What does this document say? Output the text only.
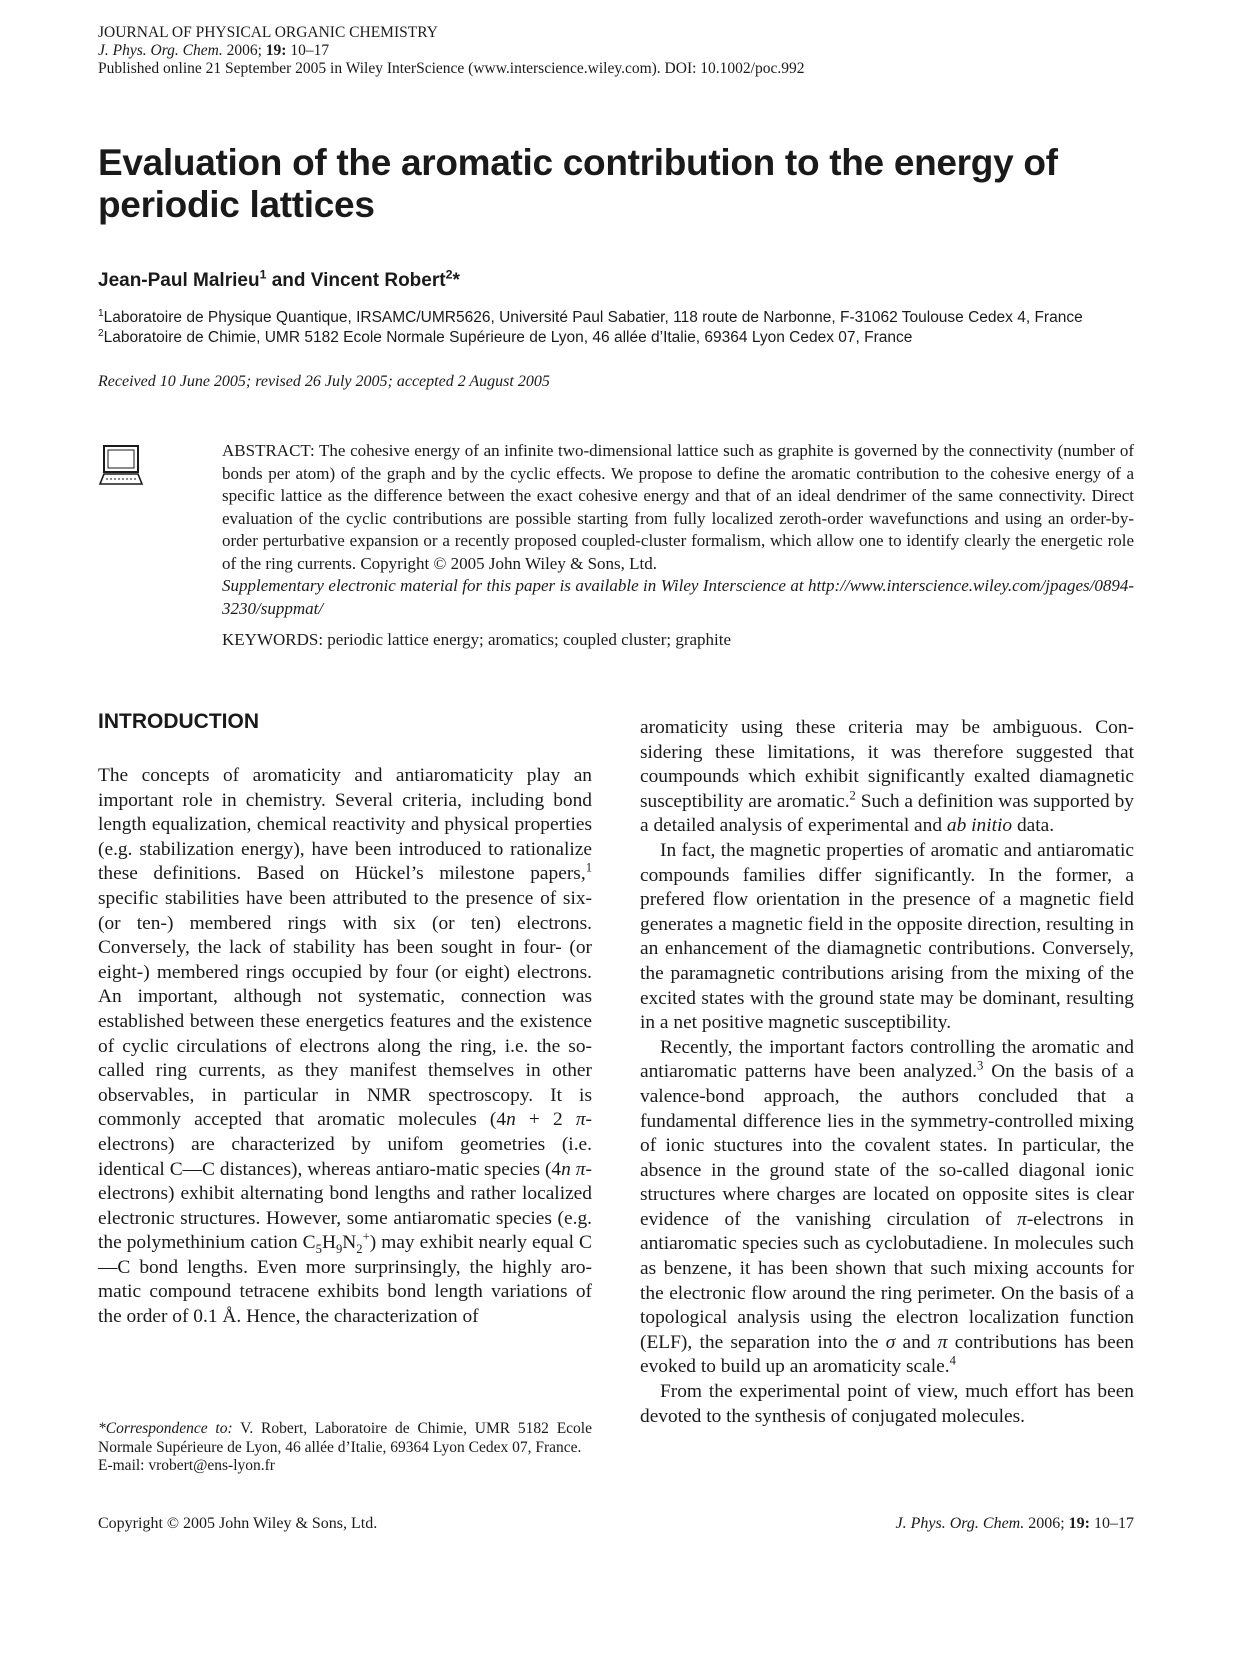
JOURNAL OF PHYSICAL ORGANIC CHEMISTRY
J. Phys. Org. Chem. 2006; 19: 10–17
Published online 21 September 2005 in Wiley InterScience (www.interscience.wiley.com). DOI: 10.1002/poc.992
Evaluation of the aromatic contribution to the energy of periodic lattices
Jean-Paul Malrieu$^1$ and Vincent Robert$^2$*
$^1$Laboratoire de Physique Quantique, IRSAMC/UMR5626, Université Paul Sabatier, 118 route de Narbonne, F-31062 Toulouse Cedex 4, France
$^2$Laboratoire de Chimie, UMR 5182 Ecole Normale Supérieure de Lyon, 46 allée d’Italie, 69364 Lyon Cedex 07, France
Received 10 June 2005; revised 26 July 2005; accepted 2 August 2005

ABSTRACT: The cohesive energy of an infinite two-dimensional lattice such as graphite is governed by the connectivity (number of bonds per atom) of the graph and by the cyclic effects. We propose to define the aromatic contribution to the cohesive energy of a specific lattice as the difference between the exact cohesive energy and that of an ideal dendrimer of the same connectivity. Direct evaluation of the cyclic contributions are possible starting from fully localized zeroth-order wavefunctions and using an order-by-order perturbative expansion or a recently proposed coupled-cluster formalism, which allow one to identify clearly the energetic role of the ring currents. Copyright © 2005 John Wiley & Sons, Ltd.

Supplementary electronic material for this paper is available in Wiley Interscience at http://www.interscience.wiley.com/jpages/0894-3230/suppmat/

KEYWORDS: periodic lattice energy; aromatics; coupled cluster; graphite

INTRODUCTION

The concepts of aromaticity and antiaromaticity play an important role in chemistry. Several criteria, including bond length equalization, chemical reactivity and physical properties (e.g. stabilization energy), have been introduced to rationalize these definitions. Based on Hückel’s milestone papers,$^1$ specific stabilities have been attributed to the presence of six- (or ten-) membered rings with six (or ten) electrons. Conversely, the lack of stability has been sought in four- (or eight-) membered rings occupied by four (or eight) electrons. An important, although not systematic, connection was established between these energetics features and the existence of cyclic circulations of electrons along the ring, i.e. the so-called ring currents, as they manifest themselves in other observables, in particular in NMR spectroscopy. It is commonly accepted that aromatic molecules (4n + 2 π-electrons) are characterized by unifom geometries (i.e. identical C—C distances), whereas antiaro-matic species (4n π-electrons) exhibit alternating bond lengths and rather localized electronic structures. However, some antiaromatic species (e.g. the polymethinium cation $C_5H_9N_2^+$) may exhibit nearly equal C—C bond lengths. Even more surprinsingly, the highly aromatic compound tetracene exhibits bond length variations of the order of 0.1 Å. Hence, the characterization of

aromaticity using these criteria may be ambiguous. Considering these limitations, it was therefore suggested that coumpounds which exhibit significantly exalted diamagnetic susceptibility are aromatic.$^2$ Such a definition was supported by a detailed analysis of experimental and ab initio data.

In fact, the magnetic properties of aromatic and antiaromatic compounds families differ significantly. In the former, a prefered flow orientation in the presence of a magnetic field generates a magnetic field in the opposite direction, resulting in an enhancement of the diamagnetic contributions. Conversely, the paramagnetic contributions arising from the mixing of the excited states with the ground state may be dominant, resulting in a net positive magnetic susceptibility.

Recently, the important factors controlling the aromatic and antiaromatic patterns have been analyzed.$^3$ On the basis of a valence-bond approach, the authors concluded that a fundamental difference lies in the symmetry-controlled mixing of ionic stuctures into the covalent states. In particular, the absence in the ground state of the so-called diagonal ionic structures where charges are located on opposite sites is clear evidence of the vanishing circulation of π-electrons in antiaromatic species such as cyclobutadiene. In molecules such as benzene, it has been shown that such mixing accounts for the electronic flow around the ring perimeter. On the basis of a topological analysis using the electron localization function (ELF), the separation into the σ and π contributions has been evoked to build up an aromaticity scale.$^4$

From the experimental point of view, much effort has been devoted to the synthesis of conjugated molecules.

*Correspondence to: V. Robert, Laboratoire de Chimie, UMR 5182 Ecole Normale Supérieure de Lyon, 46 allée d’Italie, 69364 Lyon Cedex 07, France.

E-mail: vrobert@ens-lyon.fr

Copyright © 2005 John Wiley & Sons, Ltd.	J. Phys. Org. Chem. 2006; 19: 10–17
